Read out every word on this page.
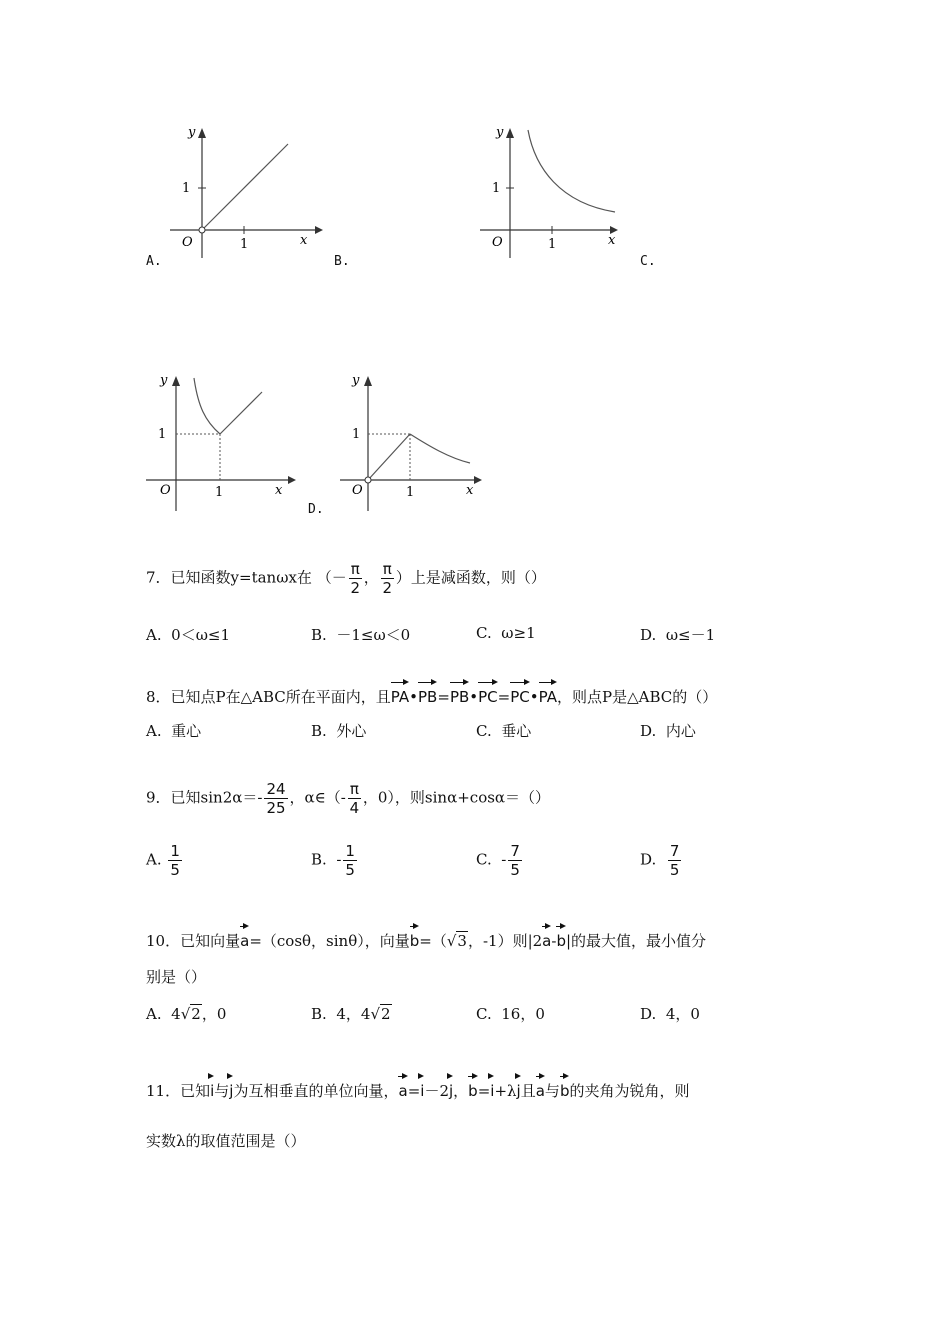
y
1
O	1	x
A.	B.
y
1
O	1	x
C.
y
1
O	1	x
D.
y
1
O	1	x
7．已知函数y=tanωx在 （－ $\frac{\pi}{2}$ ， $\frac{\pi}{2}$ ）上是减函数，则（）
A. 0＜ω≤1	B. －1≤ω＜0	C. ω≥1	D. ω≤－1
8．已知点P在△ABC所在平面内，且PA•PB=PB•PC=PC•PA，则点P是△ABC的（）
A. 重心	B. 外心	C. 垂心	D. 内心
9．已知$\sin 2\alpha=- \frac{24}{25}$ ，α∈（- $\frac{\pi}{4}$ ，0），则sinα+cosα＝（）
A. $\frac{1}{5}$	B. - $\frac{1}{5}$	C. - $\frac{7}{5}$	D. $\frac{7}{5}$
10．已知向量a=（cosθ，sinθ），向量b=（√3，-1）则|2a-b|的最大值，最小值分
别是（）
A. 4√2，0	B. 4，4√2	C. 16，0	D. 4，0
11．已知i与j为互相垂直的单位向量，a=i－2j，b=i+λj且a与b的夹角为锐角，则
实数λ的取值范围是（）
